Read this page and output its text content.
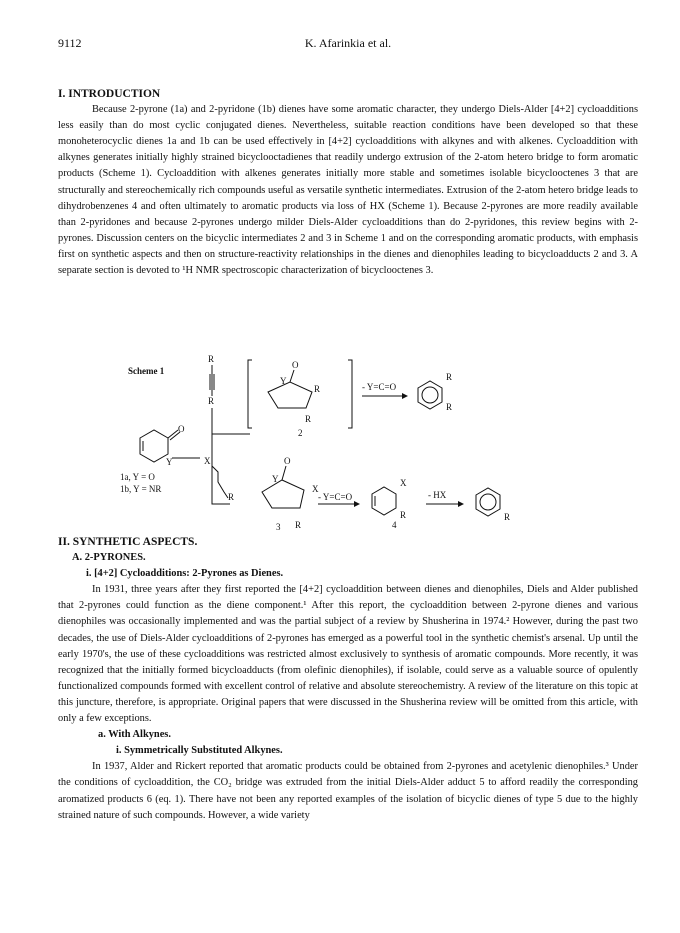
9112	K. Afarinkia et al.
I. INTRODUCTION
Because 2-pyrone (1a) and 2-pyridone (1b) dienes have some aromatic character, they undergo Diels-Alder [4+2] cycloadditions less easily than do most cyclic conjugated dienes. Nevertheless, suitable reaction conditions have been developed so that these monoheterocyclic dienes 1a and 1b can be used effectively in [4+2] cycloadditions with alkynes and with alkenes. Cycloaddition with alkynes generates initially highly strained bicyclooctadienes that readily undergo extrusion of the 2-atom hetero bridge to form aromatic products (Scheme 1). Cycloaddition with alkenes generates initially more stable and sometimes isolable bicyclooctenes 3 that are structurally and stereochemically rich compounds useful as versatile synthetic intermediates. Extrusion of the 2-atom hetero bridge leads to dihydrobenzenes 4 and often ultimately to aromatic products via loss of HX (Scheme 1). Because 2-pyrones are more readily available than 2-pyridones and because 2-pyrones undergo milder Diels-Alder cycloadditions than do 2-pyridones, this review begins with 2-pyrones. Discussion centers on the bicyclic intermediates 2 and 3 in Scheme 1 and on the corresponding aromatic products, with emphasis first on synthetic aspects and then on structure-reactivity relationships in the dienes and dienophiles leading to bicycloadducts 2 and 3. A separate section is devoted to ¹H NMR spectroscopic characterization of bicyclooctenes 3.
Scheme 1
R
R
O
Y
1a, Y = O
1b, Y = NR
X
R
O
Y
R
R
2
- Y=C=O
R
R
O
Y
X
R
3
- Y=C=O
X
R
4
- HX
R
II. SYNTHETIC ASPECTS.
A. 2-PYRONES.
i. [4+2] Cycloadditions: 2-Pyrones as Dienes.
In 1931, three years after they first reported the [4+2] cycloaddition between dienes and dienophiles, Diels and Alder published that 2-pyrones could function as the diene component.¹ After this report, the cycloaddition between 2-pyrone dienes and various dienophiles was occasionally implemented and was the partial subject of a review by Shusherina in 1974.² However, during the past two decades, the use of Diels-Alder cycloadditions of 2-pyrones has emerged as a powerful tool in the synthetic chemist's arsenal. Up until the early 1970's, the use of these cycloadditions was restricted almost exclusively to synthesis of aromatic compounds. More recently, it was recognized that the initially formed bicycloadducts (from olefinic dienophiles), if isolable, could serve as a valuable source of opulently functionalized compounds formed with excellent control of relative and absolute stereochemistry. A review of the literature on this topic at this juncture, therefore, is appropriate. Original papers that were discussed in the Shusherina review will be omitted from this article, with only a few exceptions.
a. With Alkynes.
i. Symmetrically Substituted Alkynes.
In 1937, Alder and Rickert reported that aromatic products could be obtained from 2-pyrones and acetylenic dienophiles.³ Under the conditions of cycloaddition, the CO₂ bridge was extruded from the initial Diels-Alder adduct 5 to afford readily the corresponding aromatized products 6 (eq. 1). There have not been any reported examples of the isolation of bicyclic dienes of type 5 due to the highly strained nature of such compounds. However, a wide variety
